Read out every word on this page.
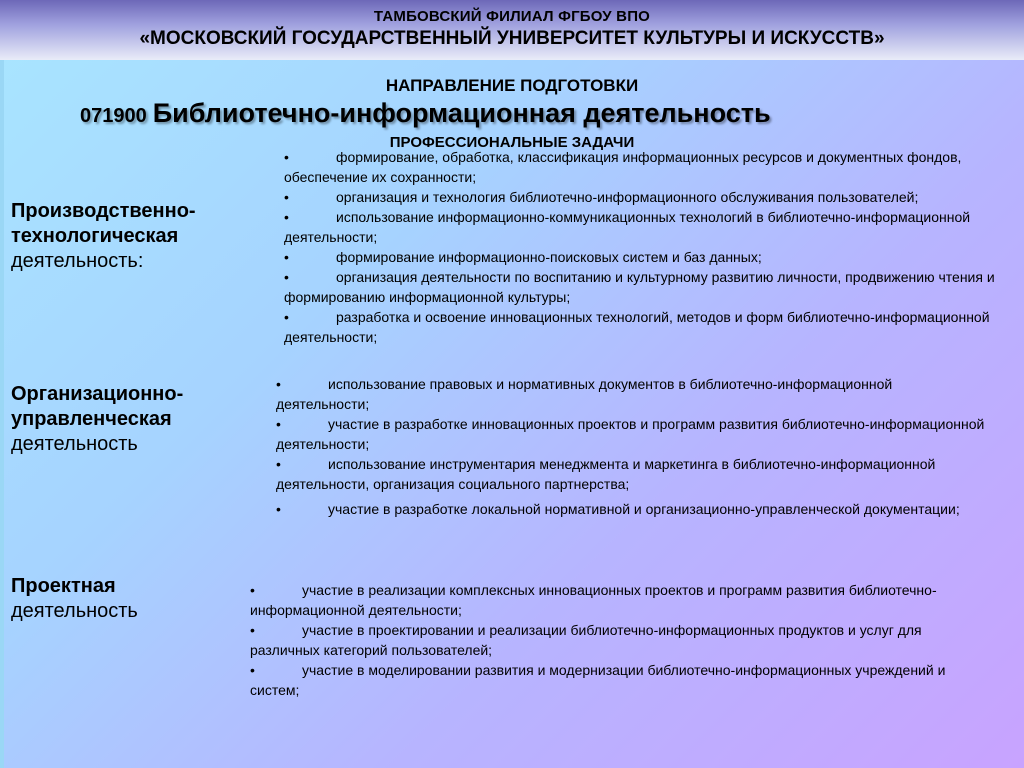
ТАМБОВСКИЙ ФИЛИАЛ ФГБОУ ВПО
«МОСКОВСКИЙ ГОСУДАРСТВЕННЫЙ УНИВЕРСИТЕТ КУЛЬТУРЫ И ИСКУССТВ»
НАПРАВЛЕНИЕ ПОДГОТОВКИ
071900 Библиотечно-информационная деятельность
ПРОФЕССИОНАЛЬНЫЕ ЗАДАЧИ
Производственно-технологическая
деятельность:
•	формирование, обработка, классификация информационных ресурсов и документных фондов, обеспечение их сохранности;
•	организация и технология библиотечно-информационного обслуживания пользователей;
•	использование информационно-коммуникационных технологий в библиотечно-информационной деятельности;
•	формирование информационно-поисковых систем и баз данных;
•	организация деятельности по воспитанию и культурному развитию личности, продвижению чтения и формированию информационной культуры;
•	разработка и освоение инновационных технологий, методов и форм библиотечно-информационной деятельности;
Организационно-управленческая
деятельность
•	использование правовых и нормативных документов в библиотечно-информационной деятельности;
•	участие в разработке инновационных проектов и программ развития библиотечно-информационной деятельности;
•	использование инструментария менеджмента и маркетинга в библиотечно-информационной деятельности, организация социального партнерства;
•	участие в разработке локальной нормативной и организационно-управленческой документации;
Проектная
деятельность
•	участие в реализации комплексных инновационных проектов и программ развития библиотечно-информационной деятельности;
•	участие в проектировании и реализации библиотечно-информационных продуктов и услуг для различных категорий пользователей;
•	участие в моделировании развития и модернизации библиотечно-информационных учреждений и систем;
